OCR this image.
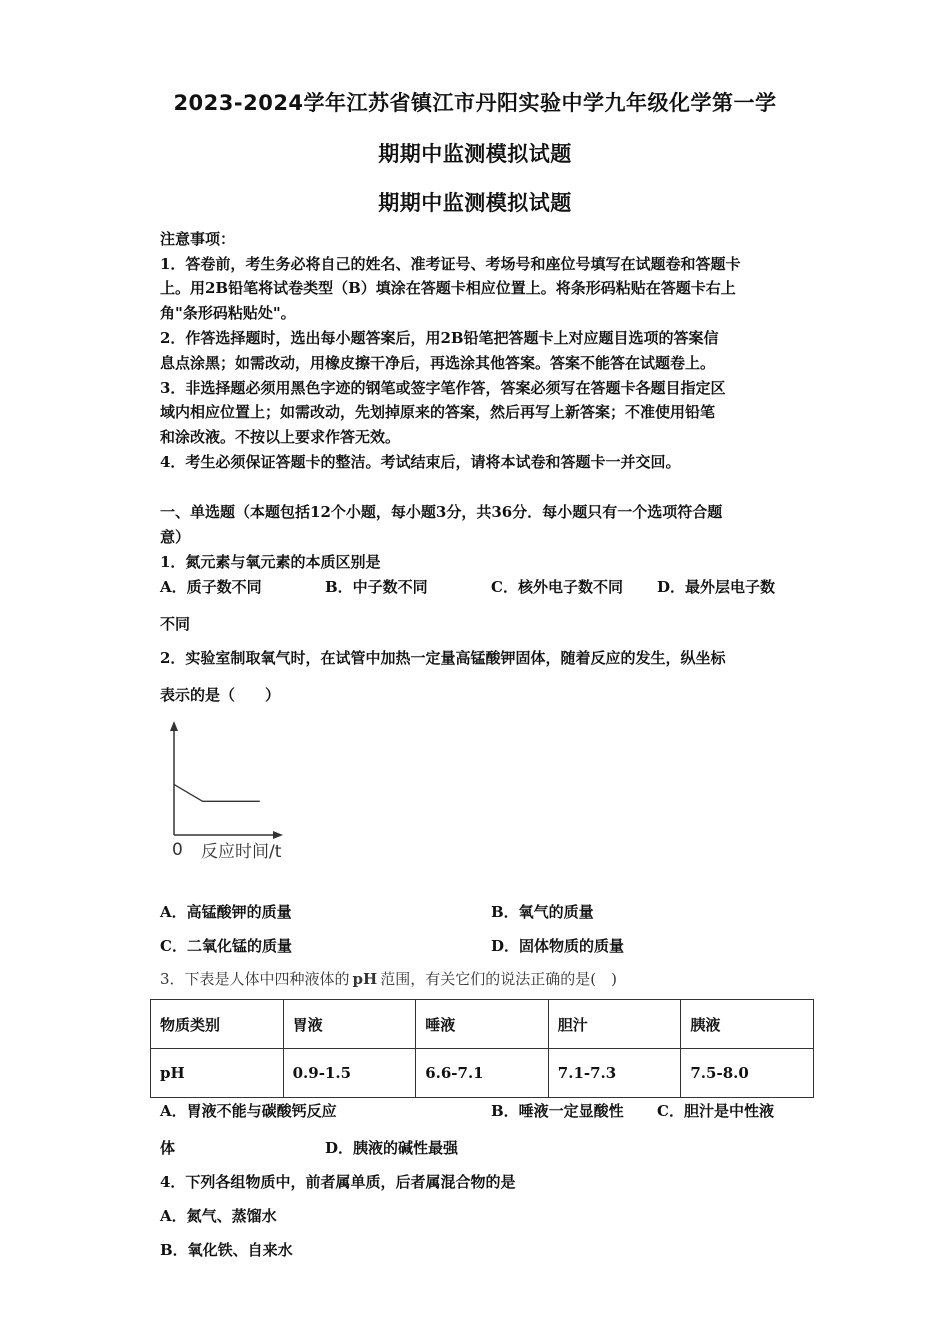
2023-2024学年江苏省镇江市丹阳实验中学九年级化学第一学
期期中监测模拟试题
期期中监测模拟试题
注意事项：
1．答卷前，考生务必将自己的姓名、准考证号、考场号和座位号填写在试题卷和答题卡
上。用2B铅笔将试卷类型（B）填涂在答题卡相应位置上。将条形码粘贴在答题卡右上
角"条形码粘贴处"。
2．作答选择题时，选出每小题答案后，用2B铅笔把答题卡上对应题目选项的答案信
息点涂黑；如需改动，用橡皮擦干净后，再选涂其他答案。答案不能答在试题卷上。
3．非选择题必须用黑色字迹的钢笔或签字笔作答，答案必须写在答题卡各题目指定区
域内相应位置上；如需改动，先划掉原来的答案，然后再写上新答案；不准使用铅笔
和涂改液。不按以上要求作答无效。
4．考生必须保证答题卡的整洁。考试结束后，请将本试卷和答题卡一并交回。
一、单选题（本题包括12个小题，每小题3分，共36分．每小题只有一个选项符合题
意）
1．氮元素与氧元素的本质区别是
A．质子数不同	B．中子数不同	C．核外电子数不同 D．最外层电子数
不同
2．实验室制取氧气时，在试管中加热一定量高锰酸钾固体，随着反应的发生，纵坐标
表示的是（　　）
0 反应时间/t
A．高锰酸钾的质量	B．氧气的质量
C．二氧化锰的质量	D．固体物质的质量
3．下表是人体中四种液体的 pH 范围，有关它们的说法正确的是(　)
物质类别	胃液	唾液	胆汁	胰液
pH	0.9-1.5	6.6-7.1	7.1-7.3	7.5-8.0
A．胃液不能与碳酸钙反应	B．唾液一定显酸性 C．胆汁是中性液
体	D．胰液的碱性最强
4．下列各组物质中，前者属单质，后者属混合物的是
A．氮气、蒸馏水
B．氧化铁、自来水
